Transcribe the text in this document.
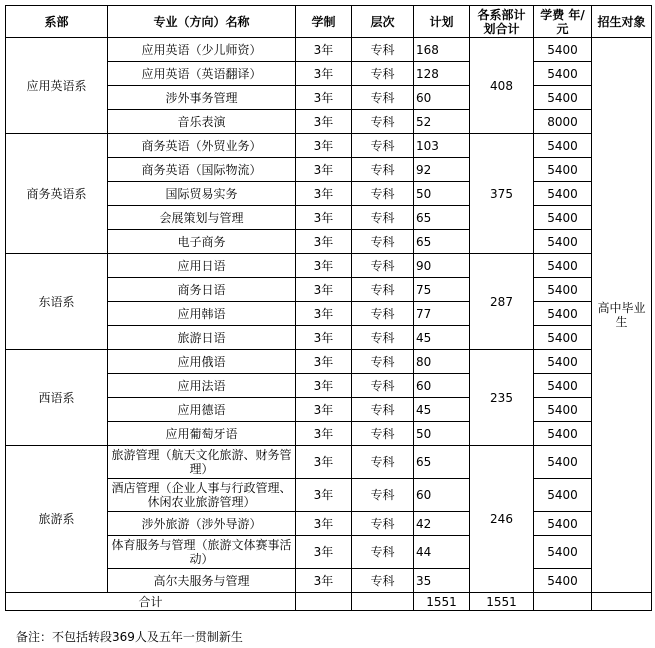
系部	专业（方向）名称	学制	层次	计划	各系部计划合计	学费 年/元	招生对象
应用英语系	应用英语（少儿师资）	3年	专科	168	408	5400	高中毕业生
	应用英语（英语翻译）	3年	专科	128		5400	
	涉外事务管理	3年	专科	60		5400	
	音乐表演	3年	专科	52		8000	
商务英语系	商务英语（外贸业务）	3年	专科	103	375	5400	
	商务英语（国际物流）	3年	专科	92		5400	
	国际贸易实务	3年	专科	50		5400	
	会展策划与管理	3年	专科	65		5400	
	电子商务	3年	专科	65		5400	
东语系	应用日语	3年	专科	90	287	5400	
	商务日语	3年	专科	75		5400	
	应用韩语	3年	专科	77		5400	
	旅游日语	3年	专科	45		5400	
西语系	应用俄语	3年	专科	80	235	5400	
	应用法语	3年	专科	60		5400	
	应用德语	3年	专科	45		5400	
	应用葡萄牙语	3年	专科	50		5400	
旅游系	旅游管理（航天文化旅游、财务管理）	3年	专科	65	246	5400	
	酒店管理（企业人事与行政管理、休闲农业旅游管理）	3年	专科	60		5400	
	涉外旅游（涉外导游）	3年	专科	42		5400	
	体育服务与管理（旅游文体赛事活动）	3年	专科	44		5400	
	高尔夫服务与管理	3年	专科	35		5400	
合计				1551	1551		
备注：不包括转段369人及五年一贯制新生
